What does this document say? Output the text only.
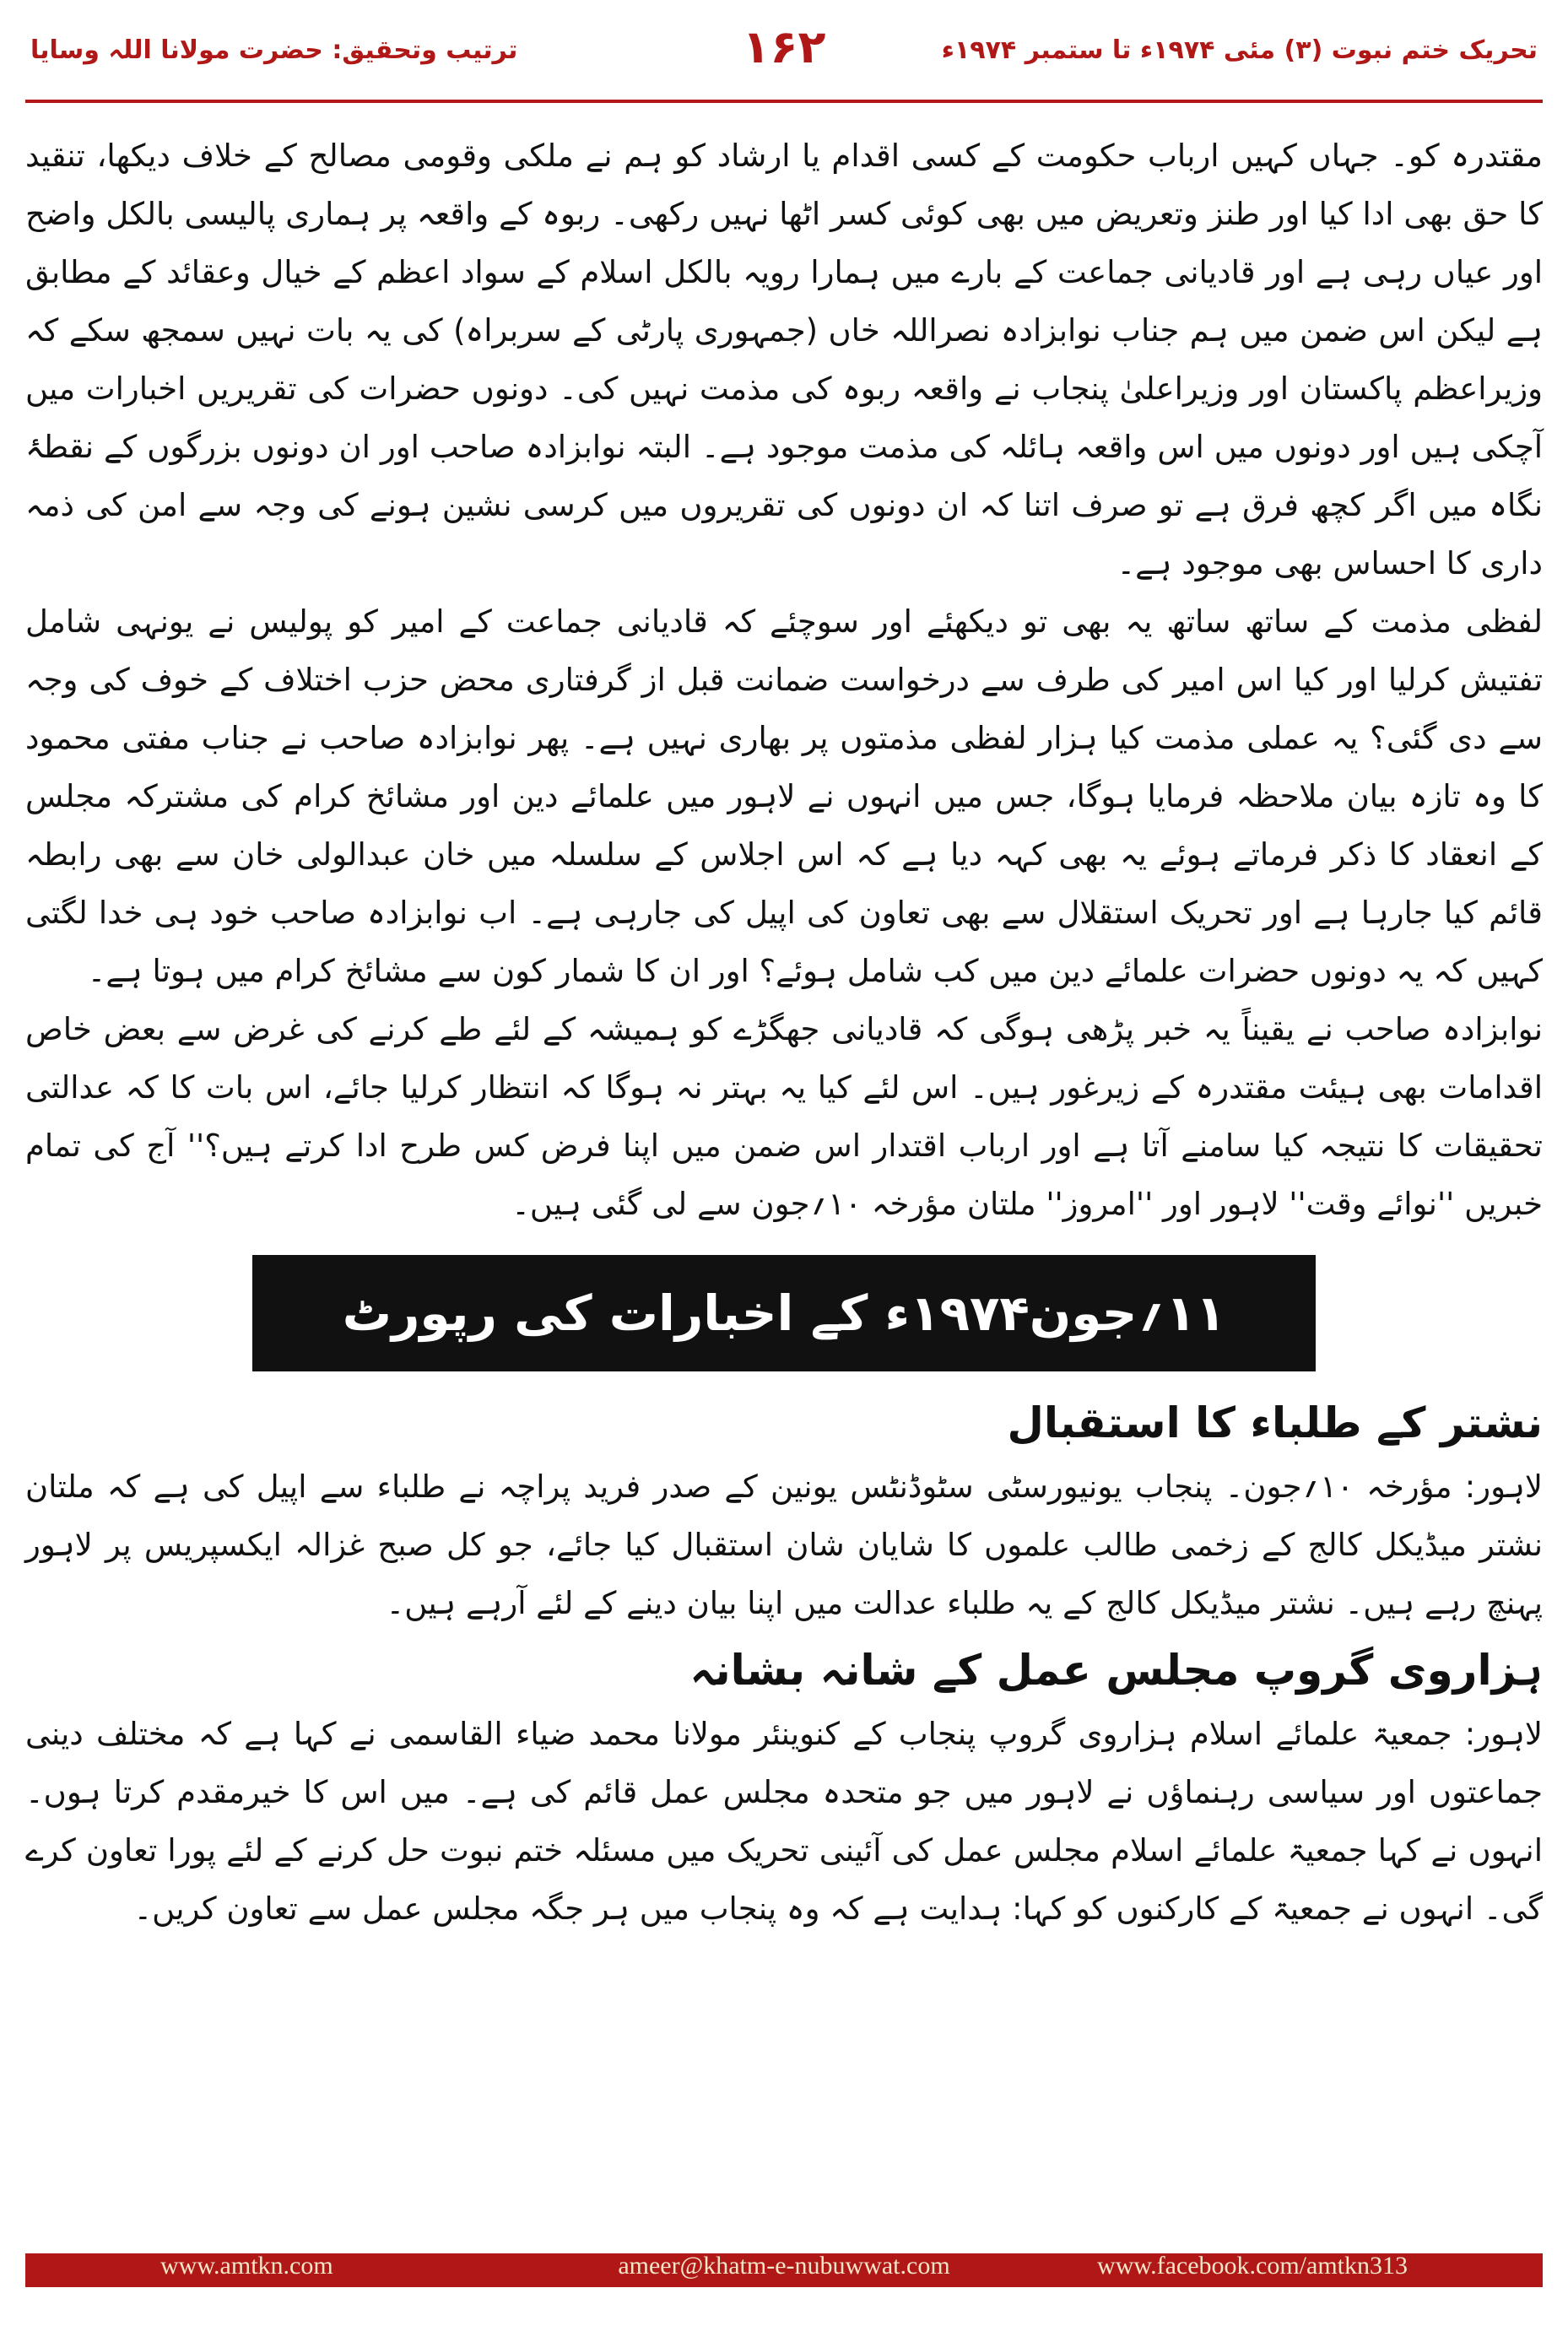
تحریک ختم نبوت (۳) مئی ۱۹۷۴ء تا ستمبر ۱۹۷۴ء
۱۶۲
ترتیب وتحقیق: حضرت مولانا اللہ وسایا

مقتدرہ کو۔ جہاں کہیں ارباب حکومت کے کسی اقدام یا ارشاد کو ہم نے ملکی وقومی مصالح کے خلاف دیکھا، تنقید کا حق بھی ادا کیا اور طنز وتعریض میں بھی کوئی کسر اٹھا نہیں رکھی۔ ربوہ کے واقعہ پر ہماری پالیسی بالکل واضح اور عیاں رہی ہے اور قادیانی جماعت کے بارے میں ہمارا رویہ بالکل اسلام کے سواد اعظم کے خیال وعقائد کے مطابق ہے لیکن اس ضمن میں ہم جناب نوابزادہ نصراللہ خاں (جمہوری پارٹی کے سربراہ) کی یہ بات نہیں سمجھ سکے کہ وزیراعظم پاکستان اور وزیراعلیٰ پنجاب نے واقعہ ربوہ کی مذمت نہیں کی۔ دونوں حضرات کی تقریریں اخبارات میں آچکی ہیں اور دونوں میں اس واقعہ ہائلہ کی مذمت موجود ہے۔ البتہ نوابزادہ صاحب اور ان دونوں بزرگوں کے نقطۂ نگاہ میں اگر کچھ فرق ہے تو صرف اتنا کہ ان دونوں کی تقریروں میں کرسی نشین ہونے کی وجہ سے امن کی ذمہ داری کا احساس بھی موجود ہے۔

لفظی مذمت کے ساتھ ساتھ یہ بھی تو دیکھئے اور سوچئے کہ قادیانی جماعت کے امیر کو پولیس نے یونہی شامل تفتیش کرلیا اور کیا اس امیر کی طرف سے درخواست ضمانت قبل از گرفتاری محض حزب اختلاف کے خوف کی وجہ سے دی گئی؟ یہ عملی مذمت کیا ہزار لفظی مذمتوں پر بھاری نہیں ہے۔ پھر نوابزادہ صاحب نے جناب مفتی محمود کا وہ تازہ بیان ملاحظہ فرمایا ہوگا، جس میں انہوں نے لاہور میں علمائے دین اور مشائخ کرام کی مشترکہ مجلس کے انعقاد کا ذکر فرماتے ہوئے یہ بھی کہہ دیا ہے کہ اس اجلاس کے سلسلہ میں خان عبدالولی خان سے بھی رابطہ قائم کیا جارہا ہے اور تحریک استقلال سے بھی تعاون کی اپیل کی جارہی ہے۔ اب نوابزادہ صاحب خود ہی خدا لگتی کہیں کہ یہ دونوں حضرات علمائے دین میں کب شامل ہوئے؟ اور ان کا شمار کون سے مشائخ کرام میں ہوتا ہے۔

نوابزادہ صاحب نے یقیناً یہ خبر پڑھی ہوگی کہ قادیانی جھگڑے کو ہمیشہ کے لئے طے کرنے کی غرض سے بعض خاص اقدامات بھی ہیئت مقتدرہ کے زیرغور ہیں۔ اس لئے کیا یہ بہتر نہ ہوگا کہ انتظار کرلیا جائے، اس بات کا کہ عدالتی تحقیقات کا نتیجہ کیا سامنے آتا ہے اور ارباب اقتدار اس ضمن میں اپنا فرض کس طرح ادا کرتے ہیں؟'' آج کی تمام خبریں ''نوائے وقت'' لاہور اور ''امروز'' ملتان مؤرخہ ۱۰؍جون سے لی گئی ہیں۔

۱۱؍جون۱۹۷۴ء کے اخبارات کی رپورٹ
نشتر کے طلباء کا استقبال

لاہور: مؤرخہ ۱۰؍جون۔ پنجاب یونیورسٹی سٹوڈنٹس یونین کے صدر فرید پراچہ نے طلباء سے اپیل کی ہے کہ ملتان نشتر میڈیکل کالج کے زخمی طالب علموں کا شایان شان استقبال کیا جائے، جو کل صبح غزالہ ایکسپریس پر لاہور پہنچ رہے ہیں۔ نشتر میڈیکل کالج کے یہ طلباء عدالت میں اپنا بیان دینے کے لئے آرہے ہیں۔

ہزاروی گروپ مجلس عمل کے شانہ بشانہ

لاہور: جمعیۃ علمائے اسلام ہزاروی گروپ پنجاب کے کنوینئر مولانا محمد ضیاء القاسمی نے کہا ہے کہ مختلف دینی جماعتوں اور سیاسی رہنماؤں نے لاہور میں جو متحدہ مجلس عمل قائم کی ہے۔ میں اس کا خیرمقدم کرتا ہوں۔ انہوں نے کہا جمعیۃ علمائے اسلام مجلس عمل کی آئینی تحریک میں مسئلہ ختم نبوت حل کرنے کے لئے پورا تعاون کرے گی۔ انہوں نے جمعیۃ کے کارکنوں کو کہا: ہدایت ہے کہ وہ پنجاب میں ہر جگہ مجلس عمل سے تعاون کریں۔

www.amtkn.com	ameer@khatm-e-nubuwwat.com	www.facebook.com/amtkn313
